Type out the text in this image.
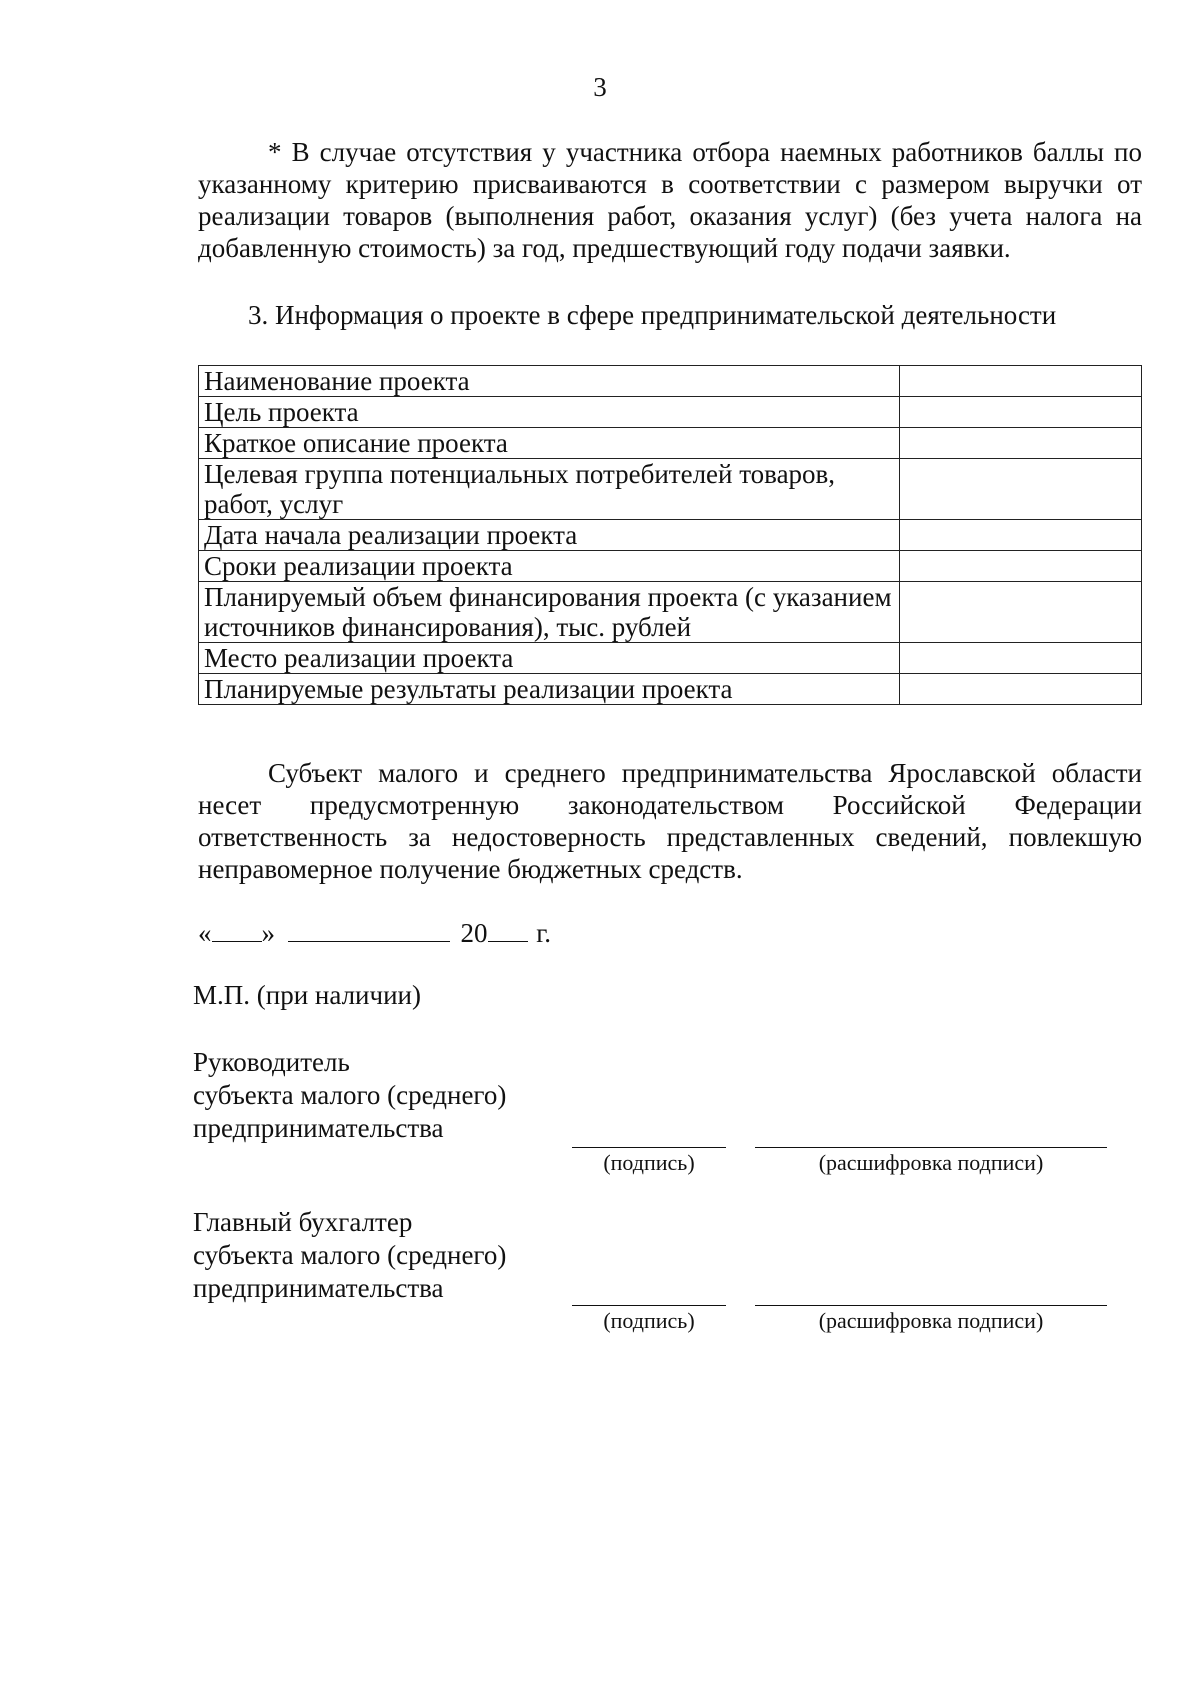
3

* В случае отсутствия у участника отбора наемных работников баллы по указанному критерию присваиваются в соответствии с размером выручки от реализации товаров (выполнения работ, оказания услуг) (без учета налога на добавленную стоимость) за год, предшествующий году подачи заявки.

3. Информация о проекте в сфере предпринимательской деятельности
Наименование проекта	
Цель проекта	
Краткое описание проекта	
Целевая группа потенциальных потребителей товаров, работ, услуг	
Дата начала реализации проекта	
Сроки реализации проекта	
Планируемый объем финансирования проекта (с указанием источников финансирования), тыс. рублей	
Место реализации проекта	
Планируемые результаты реализации проекта	

Субъект малого и среднего предпринимательства Ярославской области несет предусмотренную законодательством Российской Федерации ответственность за недостоверность представленных сведений, повлекшую неправомерное получение бюджетных средств.

« »	20 г.
М.П. (при наличии)
Руководитель
субъекта малого (среднего)
предпринимательства
(подпись)	(расшифровка подписи)
Главный бухгалтер
субъекта малого (среднего)
предпринимательства
(подпись)	(расшифровка подписи)
